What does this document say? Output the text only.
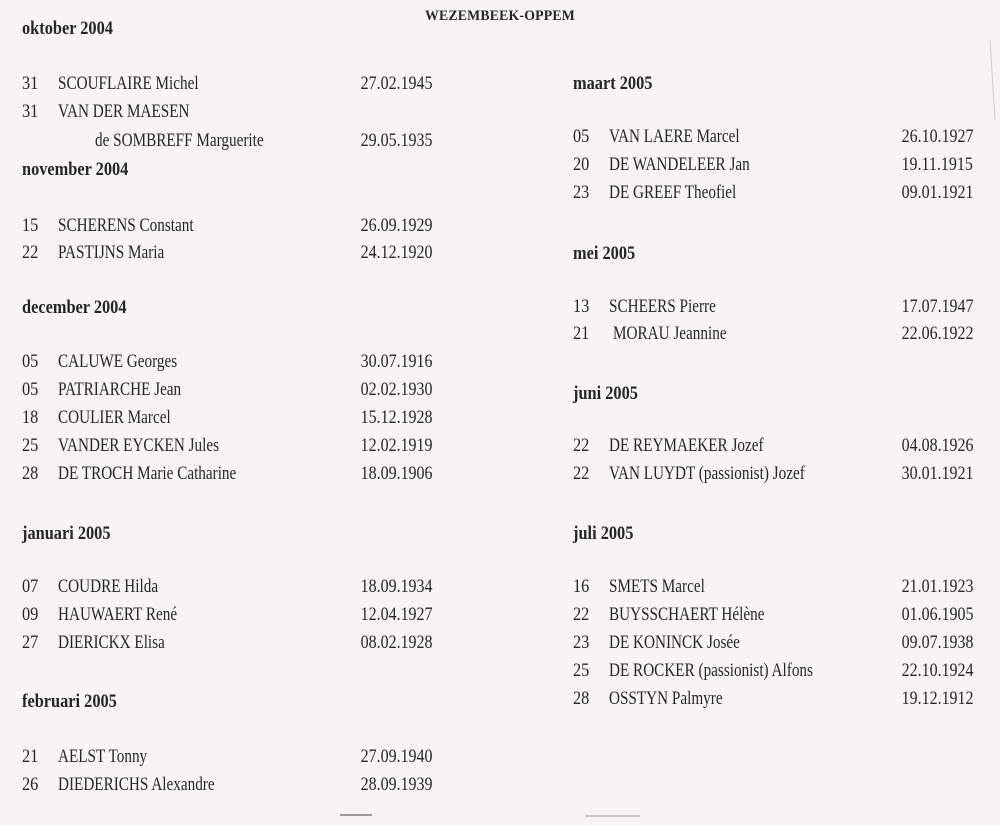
WEZEMBEEK-OPPEM
oktober 2004
31	SCOUFLAIRE Michel	27.02.1945
31	VAN DER MAESEN
de SOMBREFF Marguerite	29.05.1935
november 2004
15	SCHERENS Constant	26.09.1929
22	PASTIJNS Maria	24.12.1920
december 2004
05	CALUWE Georges	30.07.1916
05	PATRIARCHE Jean	02.02.1930
18	COULIER Marcel	15.12.1928
25	VANDER EYCKEN Jules	12.02.1919
28	DE TROCH Marie Catharine	18.09.1906
januari 2005
07	COUDRE Hilda	18.09.1934
09	HAUWAERT René	12.04.1927
27	DIERICKX Elisa	08.02.1928
februari 2005
21	AELST Tonny	27.09.1940
26	DIEDERICHS Alexandre	28.09.1939
maart 2005
05	VAN LAERE Marcel	26.10.1927
20	DE WANDELEER Jan	19.11.1915
23	DE GREEF Theofiel	09.01.1921
mei 2005
13	SCHEERS Pierre	17.07.1947
21	MORAU Jeannine	22.06.1922
juni 2005
22	DE REYMAEKER Jozef	04.08.1926
22	VAN LUYDT (passionist) Jozef	30.01.1921
juli 2005
16	SMETS Marcel	21.01.1923
22	BUYSSCHAERT Hélène	01.06.1905
23	DE KONINCK Josée	09.07.1938
25	DE ROCKER (passionist) Alfons	22.10.1924
28	OSSTYN Palmyre	19.12.1912
